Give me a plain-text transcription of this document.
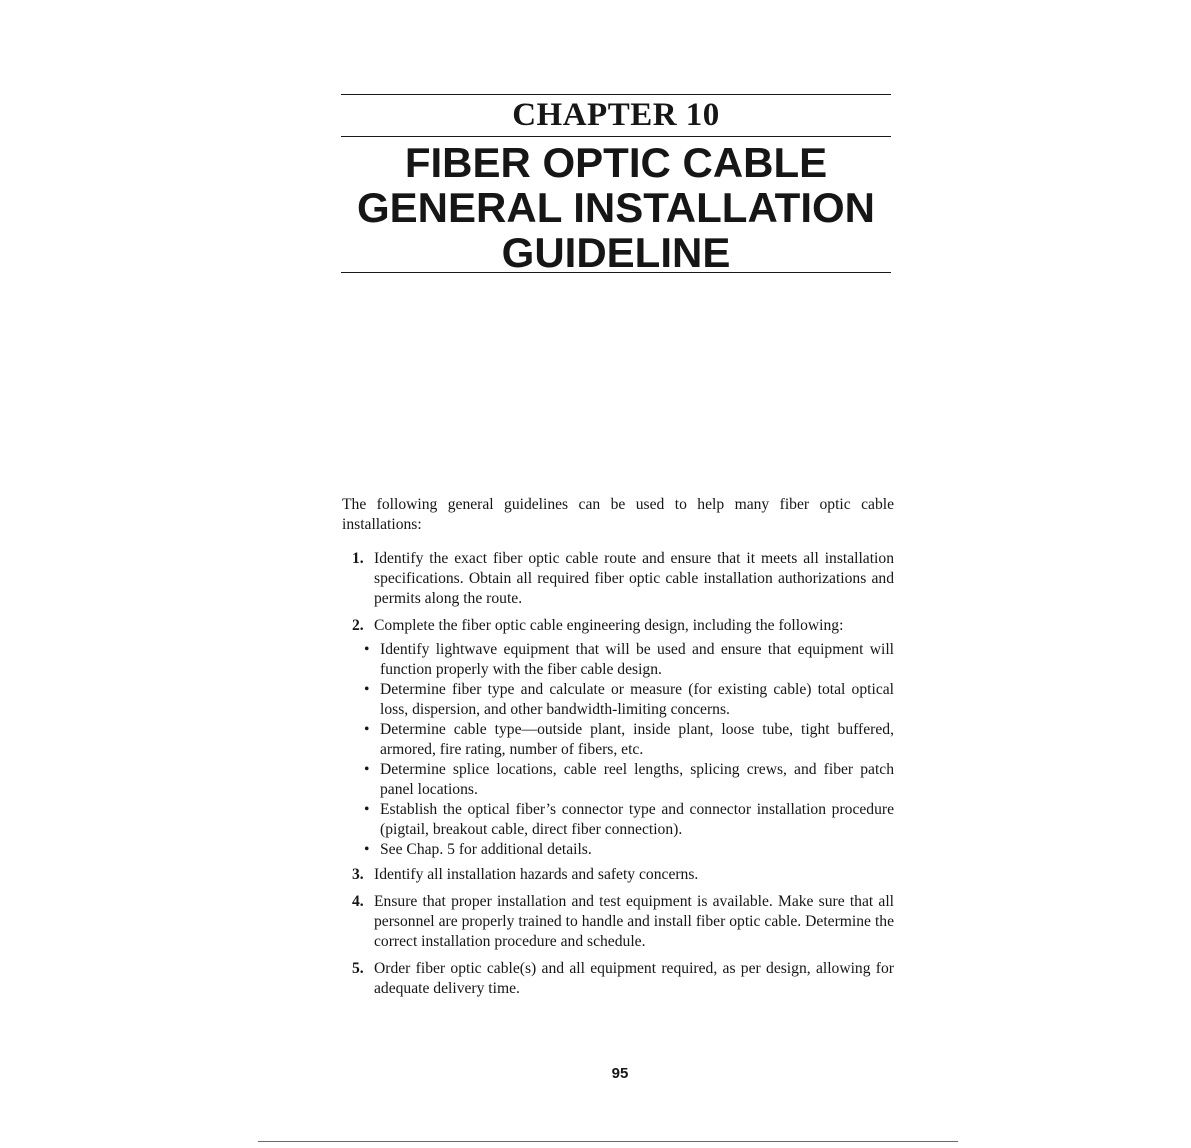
CHAPTER 10
FIBER OPTIC CABLE
GENERAL INSTALLATION
GUIDELINE

The following general guidelines can be used to help many fiber optic cable installations:

1. Identify the exact fiber optic cable route and ensure that it meets all installation specifications. Obtain all required fiber optic cable installation authorizations and permits along the route.
2. Complete the fiber optic cable engineering design, including the following:
• Identify lightwave equipment that will be used and ensure that equipment will function properly with the fiber cable design.
• Determine fiber type and calculate or measure (for existing cable) total optical loss, dispersion, and other bandwidth-limiting concerns.
• Determine cable type—outside plant, inside plant, loose tube, tight buffered, armored, fire rating, number of fibers, etc.
• Determine splice locations, cable reel lengths, splicing crews, and fiber patch panel locations.
• Establish the optical fiber’s connector type and connector installation procedure (pigtail, breakout cable, direct fiber connection).
• See Chap. 5 for additional details.
3. Identify all installation hazards and safety concerns.
4. Ensure that proper installation and test equipment is available. Make sure that all personnel are properly trained to handle and install fiber optic cable. Determine the correct installation procedure and schedule.
5. Order fiber optic cable(s) and all equipment required, as per design, allowing for adequate delivery time.
95
